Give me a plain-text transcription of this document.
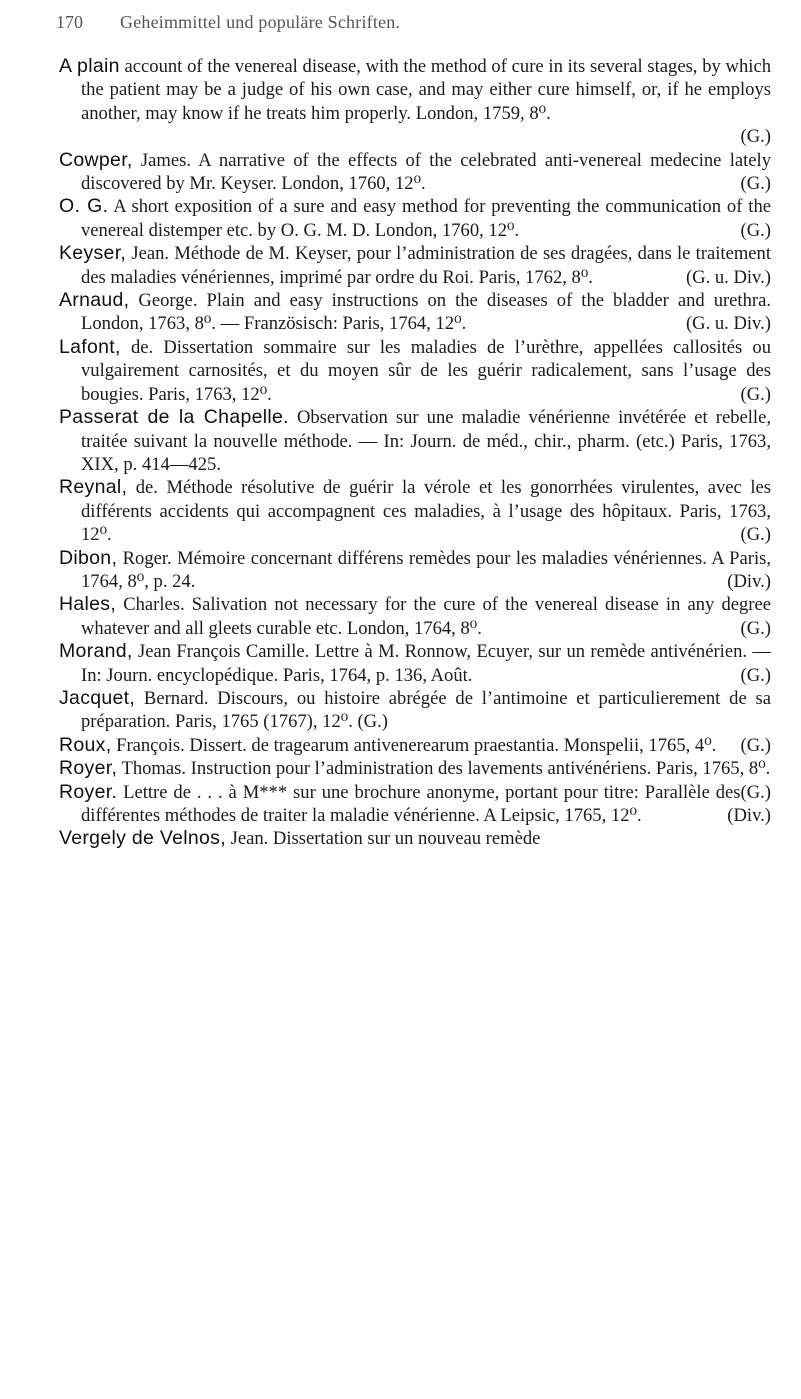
170 Geheimmittel und populäre Schriften.

A plain account of the venereal disease, with the method of cure in its several stages, by which the patient may be a judge of his own case, and may either cure himself, or, if he employs another, may know if he treats him properly. London, 1759, 8⁰.
(G.)

Cowper, James. A narrative of the effects of the celebrated anti-venereal medecine lately discovered by Mr. Keyser. London, 1760, 12⁰.	(G.)

O. G. A short exposition of a sure and easy method for preventing the communication of the venereal distemper etc. by O. G. M. D. London, 1760, 12⁰.	(G.)

Keyser, Jean. Méthode de M. Keyser, pour l’administration de ses dragées, dans le traitement des maladies vénériennes, imprimé par ordre du Roi. Paris, 1762, 8⁰.	(G. u. Div.)

Arnaud, George. Plain and easy instructions on the diseases of the bladder and urethra. London, 1763, 8⁰. — Französisch: Paris, 1764, 12⁰.	(G. u. Div.)

Lafont, de. Dissertation sommaire sur les maladies de l’urèthre, appellées callosités ou vulgairement carnosités, et du moyen sûr de les guérir radicalement, sans l’usage des bougies. Paris, 1763, 12⁰.	(G.)

Passerat de la Chapelle. Observation sur une maladie vénérienne invétérée et rebelle, traitée suivant la nouvelle méthode. — In: Journ. de méd., chir., pharm. (etc.) Paris, 1763, XIX, p. 414—425.

Reynal, de. Méthode résolutive de guérir la vérole et les gonorrhées virulentes, avec les différents accidents qui accompagnent ces maladies, à l’usage des hôpitaux. Paris, 1763, 12⁰.	(G.)

Dibon, Roger. Mémoire concernant différens remèdes pour les maladies vénériennes. A Paris, 1764, 8⁰, p. 24.	(Div.)

Hales, Charles. Salivation not necessary for the cure of the venereal disease in any degree whatever and all gleets curable etc. London, 1764, 8⁰.	(G.)

Morand, Jean François Camille. Lettre à M. Ronnow, Ecuyer, sur un remède antivénérien. — In: Journ. encyclopédique. Paris, 1764, p. 136, Août.	(G.)

Jacquet, Bernard. Discours, ou histoire abrégée de l’antimoine et particulierement de sa préparation. Paris, 1765 (1767), 12⁰. (G.)

Roux, François. Dissert. de tragearum antivenerearum praestantia. Monspelii, 1765, 4⁰. (G.)

Royer, Thomas. Instruction pour l’administration des lavements antivénériens. Paris, 1765, 8⁰.
(G.)

Royer. Lettre de . . . à M*** sur une brochure anonyme, portant pour titre: Parallèle des différentes méthodes de traiter la maladie vénérienne. A Leipsic, 1765, 12⁰.	(Div.)

Vergely de Velnos, Jean. Dissertation sur un nouveau remède
